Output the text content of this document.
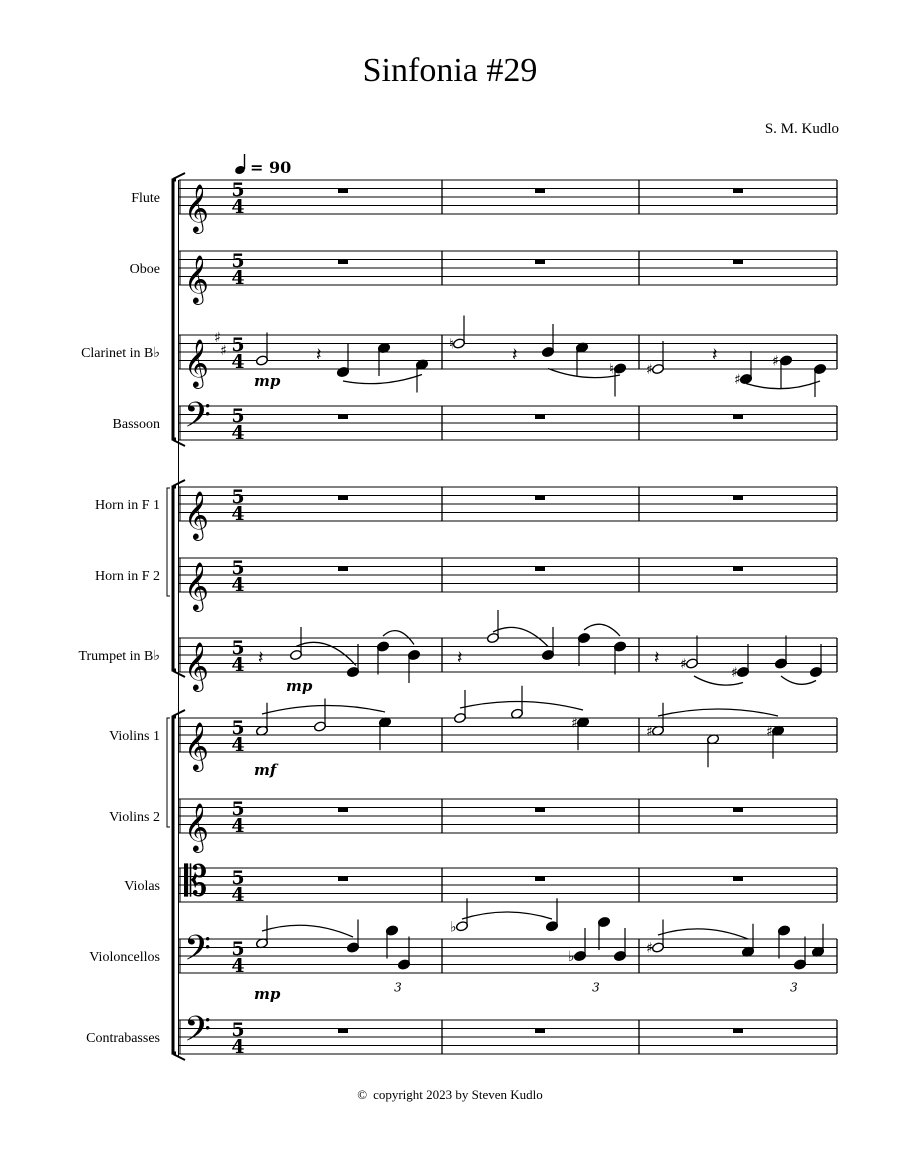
Sinfonia #29
S. M. Kudlo
= 90
Flute 𝄞 5
4
Oboe 𝄞 5
4
Clarinet in B♭ 𝄞 ♯
♯ 5
4
Bassoon 𝄢 5
4
Horn in F 1 𝄞 5
4
Horn in F 2 𝄞 5
4
Trumpet in B♭ 𝄞 5
4
Violins 1 𝄞 5
4
Violins 2 𝄞 5
4
Violas 𝄡 5
4
Violoncellos 𝄢 5
4
Contrabasses 𝄢 5
4
𝄽	♮	𝄽
♮ ♯
𝄽
♯
♯
𝄽	𝄽	𝄽 ♯
♯
♯
♯	♯
3
♭
♭
3
♯
3
mp
mp
mf
mp
© copyright 2023 by Steven Kudlo
